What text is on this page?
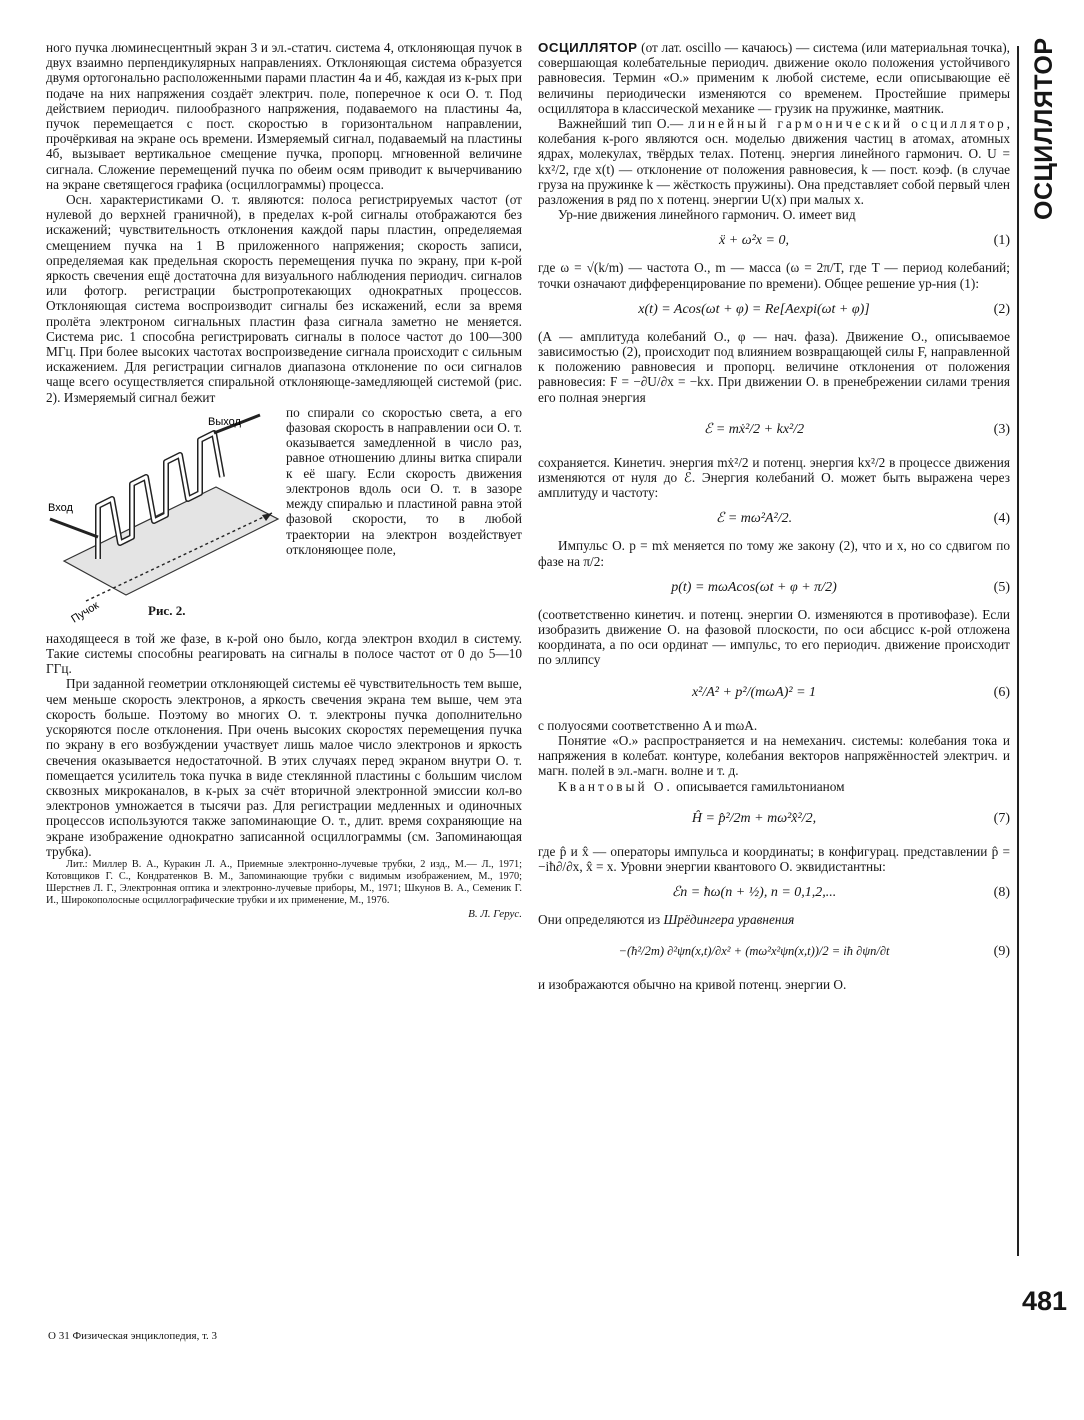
ОСЦИЛЛЯТОР

ного пучка люминесцентный экран 3 и эл.-статич. система 4, отклоняющая пучок в двух взаимно перпендикулярных направлениях. Отклоняющая система образуется двумя ортогонально расположенными парами пластин 4а и 4б, каждая из к-рых при подаче на них напряжения создаёт электрич. поле, поперечное к оси О. т. Под действием периодич. пилообразного напряжения, подаваемого на пластины 4а, пучок перемещается с пост. скоростью в горизонтальном направлении, прочёркивая на экране ось времени. Измеряемый сигнал, подаваемый на пластины 4б, вызывает вертикальное смещение пучка, пропорц. мгновенной величине сигнала. Сложение перемещений пучка по обеим осям приводит к вычерчиванию на экране светящегося графика (осциллограммы) процесса.

Осн. характеристиками О. т. являются: полоса регистрируемых частот (от нулевой до верхней граничной), в пределах к-рой сигналы отображаются без искажений; чувствительность отклонения каждой пары пластин, определяемая смещением пучка на 1 В приложенного напряжения; скорость записи, определяемая как предельная скорость перемещения пучка по экрану, при к-рой яркость свечения ещё достаточна для визуального наблюдения периодич. сигналов или фотогр. регистрации быстропротекающих однократных процессов. Отклоняющая система воспроизводит сигналы без искажений, если за время пролёта электроном сигнальных пластин фаза сигнала заметно не меняется. Система рис. 1 способна регистрировать сигналы в полосе частот до 100—300 МГц. При более высоких частотах воспроизведение сигнала происходит с сильным искажением. Для регистрации сигналов диапазона отклонение по оси сигналов чаще всего осуществляется спиральной отклоняюще-замедляющей системой (рис. 2). Измеряемый сигнал бежит

Выход
Вход
Пучок	Рис. 2.

по спирали со скоростью света, а его фазовая скорость в направлении оси О. т. оказывается замедленной в число раз, равное отношению длины витка спирали к её шагу. Если скорость движения электронов вдоль оси О. т. в зазоре между спиралью и пластиной равна этой фазовой скорости, то в любой траектории на электрон воздействует отклоняющее поле,

находящееся в той же фазе, в к-рой оно было, когда электрон входил в систему. Такие системы способны реагировать на сигналы в полосе частот от 0 до 5—10 ГГц.

При заданной геометрии отклоняющей системы её чувствительность тем выше, чем меньше скорость электронов, а яркость свечения экрана тем выше, чем эта скорость больше. Поэтому во многих О. т. электроны пучка дополнительно ускоряются после отклонения. При очень высоких скоростях перемещения пучка по экрану в его возбуждении участвует лишь малое число электронов и яркость свечения оказывается недостаточной. В этих случаях перед экраном внутри О. т. помещается усилитель тока пучка в виде стеклянной пластины с большим числом сквозных микроканалов, в к-рых за счёт вторичной электронной эмиссии кол-во электронов умножается в тысячи раз. Для регистрации медленных и одиночных процессов используются также запоминающие О. т., длит. время сохраняющие на экране изображение однократно записанной осциллограммы (см. Запоминающая трубка).

Лит.: Миллер В. А., Куракин Л. А., Приемные электронно-лучевые трубки, 2 изд., М.— Л., 1971; Котовщиков Г. С., Кондратенков В. М., Запоминающие трубки с видимым изображением, М., 1970; Шерстнев Л. Г., Электронная оптика и электронно-лучевые приборы, М., 1971; Шкунов В. А., Семеник Г. И., Широкополосные осциллографические трубки и их применение, М., 1976.

В. Л. Герус.

ОСЦИЛЛЯТОР (от лат. oscillo — качаюсь) — система (или материальная точка), совершающая колебательные периодич. движение около положения устойчивого равновесия. Термин «О.» применим к любой системе, если описывающие её величины периодически изменяются со временем. Простейшие примеры осциллятора в классической механике — грузик на пружинке, маятник.

Важнейший тип О.— линейный гармонический осциллятор, колебания к-рого являются осн. моделью движения частиц в атомах, атомных ядрах, молекулах, твёрдых телах. Потенц. энергия линейного гармонич. О. U = kx²/2, где x(t) — отклонение от положения равновесия, k — пост. коэф. (в случае груза на пружинке k — жёсткость пружины). Она представляет собой первый член разложения в ряд по x потенц. энергии U(x) при малых x.

Ур-ние движения линейного гармонич. О. имеет вид

ẍ + ω²x = 0,	(1)

где ω = √(k/m) — частота О., m — масса (ω = 2π/T, где T — период колебаний; точки означают дифференцирование по времени). Общее решение ур-ния (1):

x(t) = Acos(ωt + φ) = Re[Aexpi(ωt + φ)]	(2)

(A — амплитуда колебаний О., φ — нач. фаза). Движение О., описываемое зависимостью (2), происходит под влиянием возвращающей силы F, направленной к положению равновесия и пропорц. величине отклонения от положения равновесия: F = −∂U/∂x = −kx. При движении О. в пренебрежении силами трения его полная энергия

ℰ = mẋ²/2 + kx²/2	(3)

сохраняется. Кинетич. энергия mẋ²/2 и потенц. энергия kx²/2 в процессе движения изменяются от нуля до ℰ. Энергия колебаний О. может быть выражена через амплитуду и частоту:

ℰ = mω²A²/2.	(4)

Импульс О. p = mẋ меняется по тому же закону (2), что и x, но со сдвигом по фазе на π/2:

p(t) = mωAcos(ωt + φ + π/2)	(5)

(соответственно кинетич. и потенц. энергии О. изменяются в противофазе). Если изобразить движение О. на фазовой плоскости, по оси абсцисс к-рой отложена координата, а по оси ординат — импульс, то его периодич. движение происходит по эллипсу

x²/A² + p²/(mωA)² = 1	(6)

с полуосями соответственно A и mωA.

Понятие «О.» распространяется и на немеханич. системы: колебания тока и напряжения в колебат. контуре, колебания векторов напряжённостей электрич. и магн. полей в эл.-магн. волне и т. д.

Квантовый О. описывается гамильтонианом

Ĥ = p̂²/2m + mω²x̂²/2,	(7)

где p̂ и x̂ — операторы импульса и координаты; в конфигурац. представлении p̂ = −iħ∂/∂x, x̂ = x. Уровни энергии квантового О. эквидистантны:

ℰn = ħω(n + ½), n = 0,1,2,...	(8)

Они определяются из Шрёдингера уравнения

−(ħ²/2m) ∂²ψn(x,t)/∂x² + (mω²x²ψn(x,t))/2 = iħ ∂ψn/∂t	(9)

и изображаются обычно на кривой потенц. энергии О.

481
О 31 Физическая энциклопедия, т. 3
